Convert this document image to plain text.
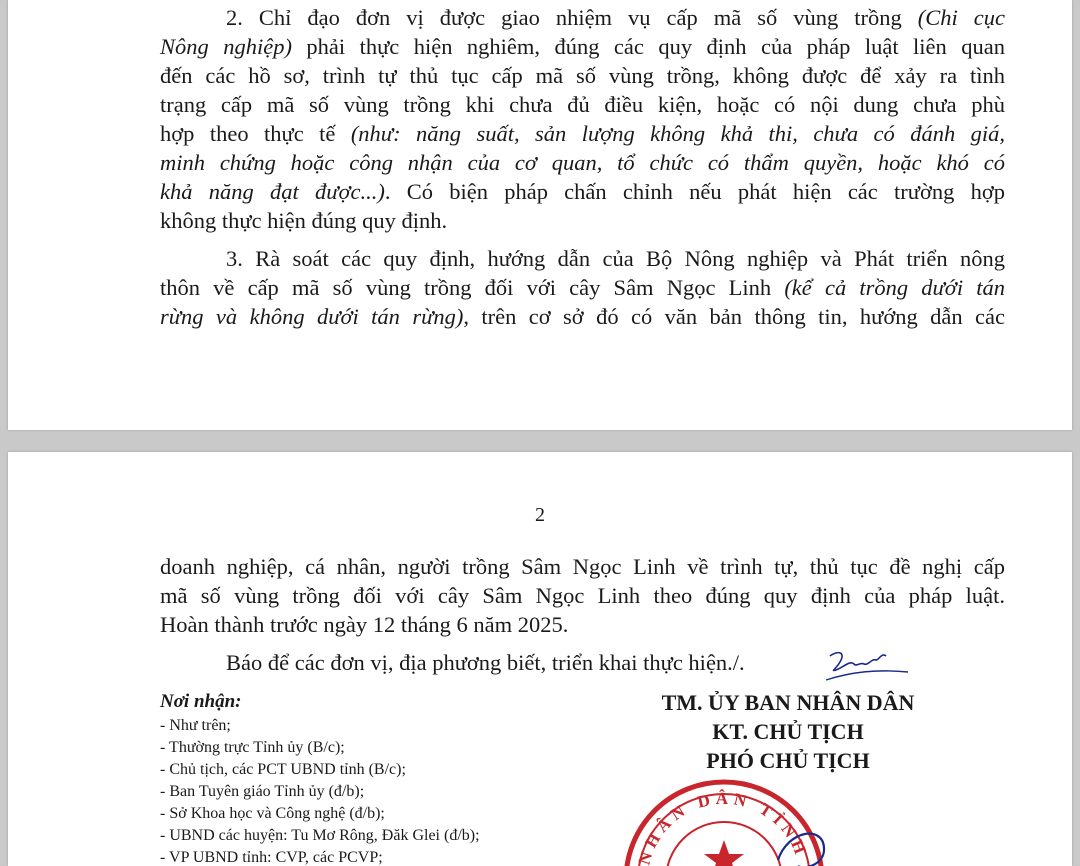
2. Chỉ đạo đơn vị được giao nhiệm vụ cấp mã số vùng trồng (Chi cục
Nông nghiệp) phải thực hiện nghiêm, đúng các quy định của pháp luật liên quan
đến các hồ sơ, trình tự thủ tục cấp mã số vùng trồng, không được để xảy ra tình
trạng cấp mã số vùng trồng khi chưa đủ điều kiện, hoặc có nội dung chưa phù
hợp theo thực tế (như: năng suất, sản lượng không khả thi, chưa có đánh giá,
minh chứng hoặc công nhận của cơ quan, tổ chức có thẩm quyền, hoặc khó có
khả năng đạt được...). Có biện pháp chấn chỉnh nếu phát hiện các trường hợp
không thực hiện đúng quy định.
3. Rà soát các quy định, hướng dẫn của Bộ Nông nghiệp và Phát triển nông
thôn về cấp mã số vùng trồng đối với cây Sâm Ngọc Linh (kể cả trồng dưới tán
rừng và không dưới tán rừng), trên cơ sở đó có văn bản thông tin, hướng dẫn các
2
doanh nghiệp, cá nhân, người trồng Sâm Ngọc Linh về trình tự, thủ tục đề nghị cấp
mã số vùng trồng đối với cây Sâm Ngọc Linh theo đúng quy định của pháp luật.
Hoàn thành trước ngày 12 tháng 6 năm 2025.
Báo để các đơn vị, địa phương biết, triển khai thực hiện./.
Nơi nhận:
- Như trên;
- Thường trực Tỉnh ủy (B/c);
- Chủ tịch, các PCT UBND tỉnh (B/c);
- Ban Tuyên giáo Tỉnh ủy (đ/b);
- Sở Khoa học và Công nghệ (đ/b);
- UBND các huyện: Tu Mơ Rông, Đăk Glei (đ/b);
- VP UBND tỉnh: CVP, các PCVP;
TM. ỦY BAN NHÂN DÂN
KT. CHỦ TỊCH
PHÓ CHỦ TỊCH
NHÂN DÂN TỈNH
